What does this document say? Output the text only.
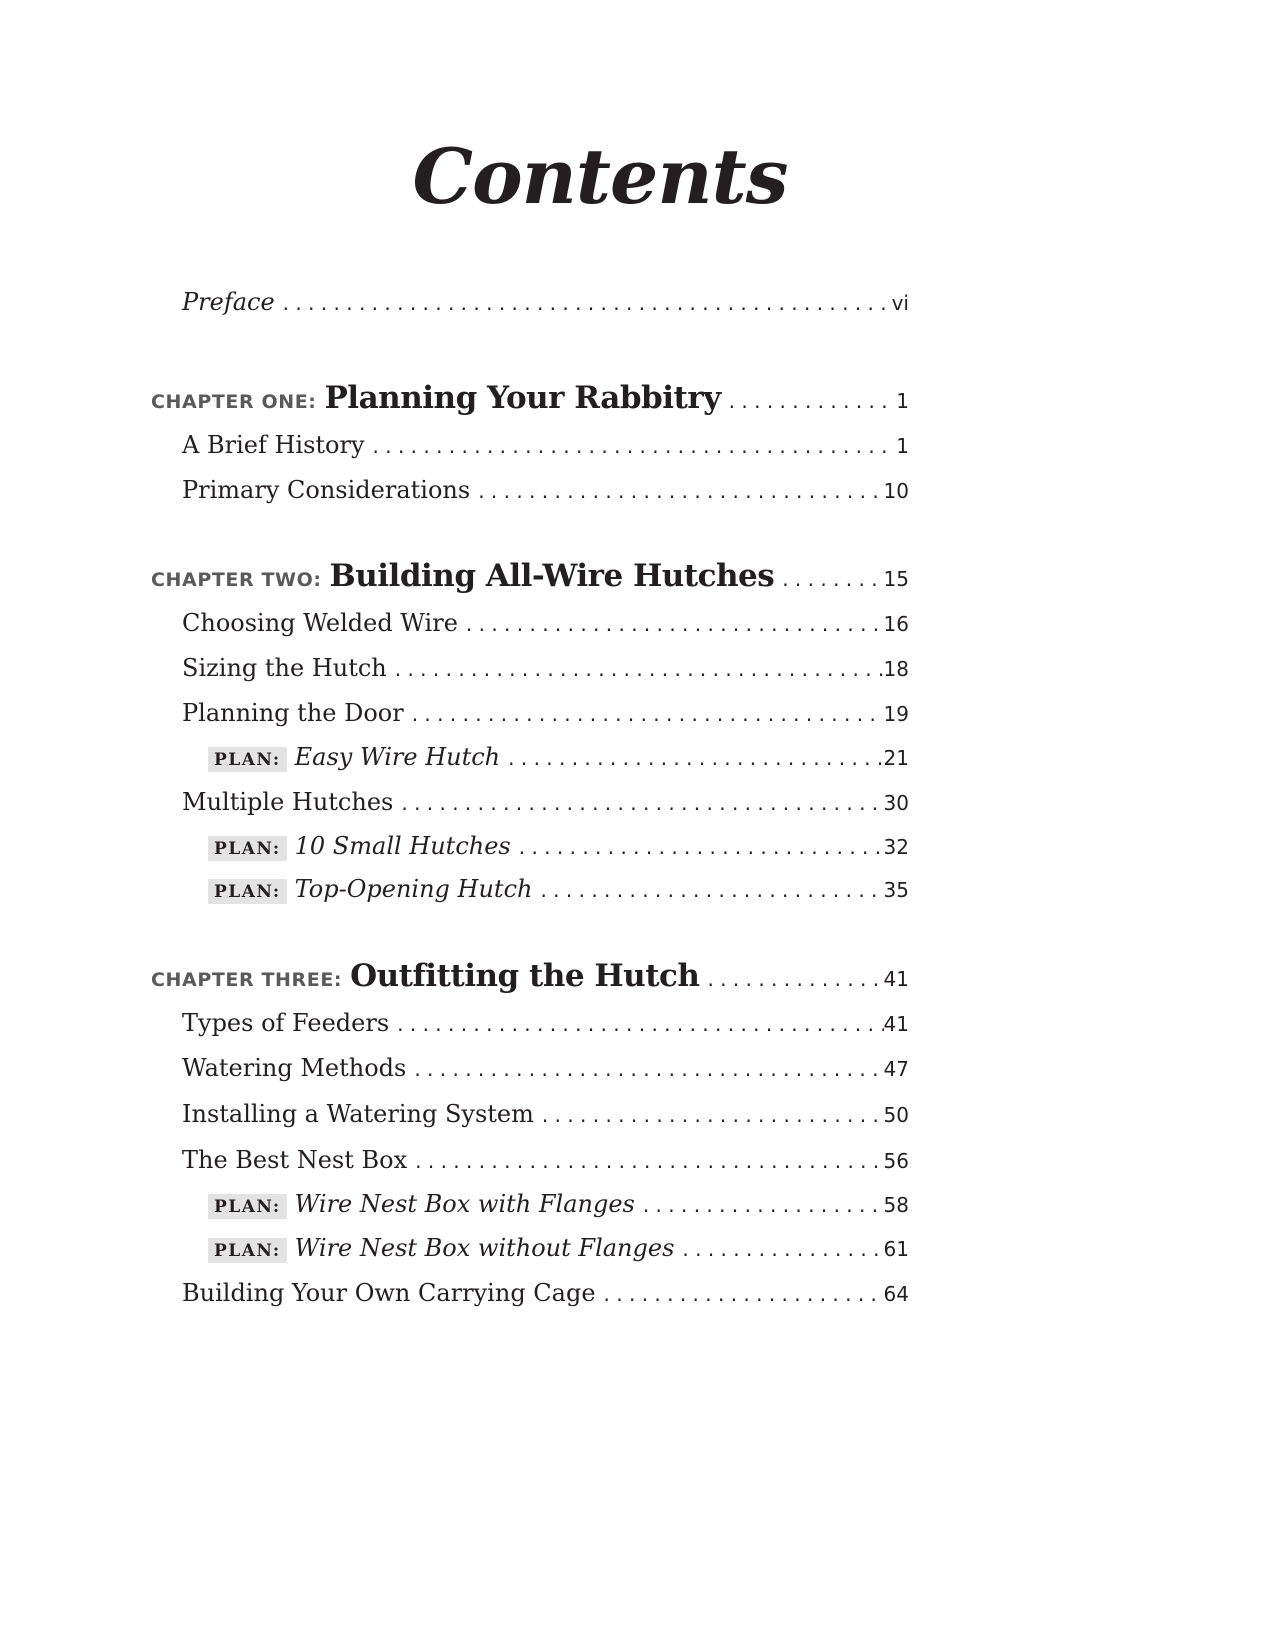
Contents
Preface . . .	vi
CHAPTER ONE: Planning Your Rabbitry . . .	1
A Brief History . . .	1
Primary Considerations . . .	10
CHAPTER TWO: Building All-Wire Hutches . . .	15
Choosing Welded Wire . . .	16
Sizing the Hutch . . .	18
Planning the Door . . .	19
PLAN: Easy Wire Hutch . . .	21
Multiple Hutches . . .	30
PLAN: 10 Small Hutches . . .	32
PLAN: Top-Opening Hutch . . .	35
CHAPTER THREE: Outfitting the Hutch . . .	41
Types of Feeders . . .	41
Watering Methods . . .	47
Installing a Watering System . . .	50
The Best Nest Box . . .	56
PLAN: Wire Nest Box with Flanges . . .	58
PLAN: Wire Nest Box without Flanges . . .	61
Building Your Own Carrying Cage . . .	64
